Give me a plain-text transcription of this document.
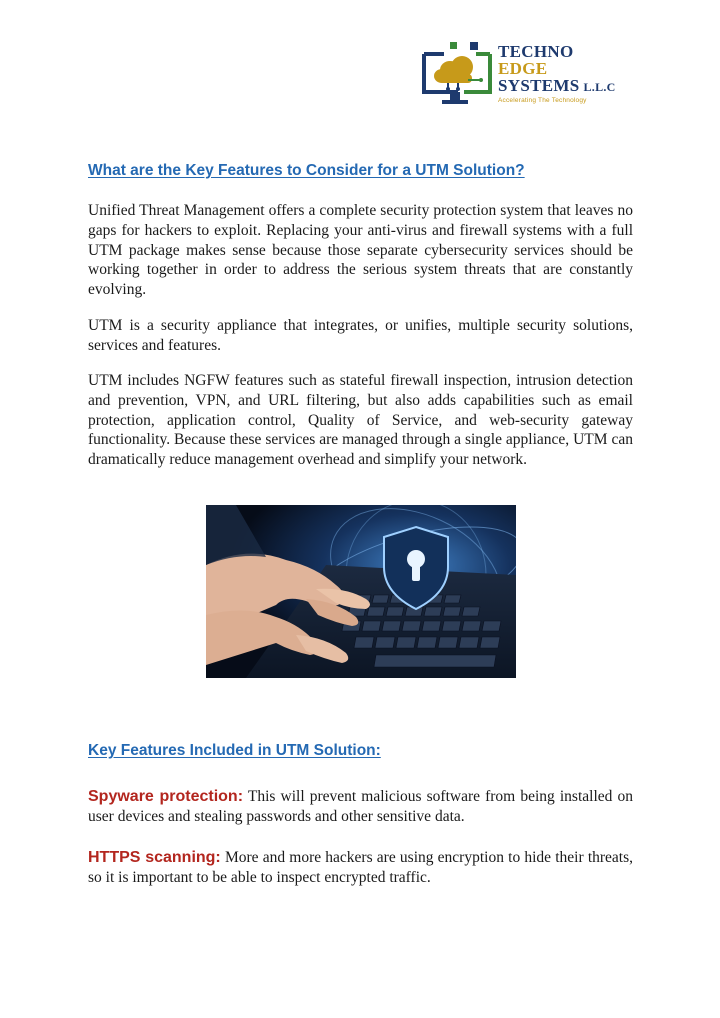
TECHNO
EDGE
SYSTEMS L.L.C
Accelerating The Technology
What are the Key Features to Consider for a UTM Solution?

Unified Threat Management offers a complete security protection system that leaves no gaps for hackers to exploit. Replacing your anti-virus and firewall systems with a full UTM package makes sense because those separate cybersecurity services should be working together in order to address the serious system threats that are constantly evolving.

UTM is a security appliance that integrates, or unifies, multiple security solutions, services and features.

UTM includes NGFW features such as stateful firewall inspection, intrusion detection and prevention, VPN, and URL filtering, but also adds capabilities such as email protection, application control, Quality of Service, and web-security gateway functionality. Because these services are managed through a single appliance, UTM can dramatically reduce management overhead and simplify your network.

Key Features Included in UTM Solution:

Spyware protection: This will prevent malicious software from being installed on user devices and stealing passwords and other sensitive data.

HTTPS scanning: More and more hackers are using encryption to hide their threats, so it is important to be able to inspect encrypted traffic.
